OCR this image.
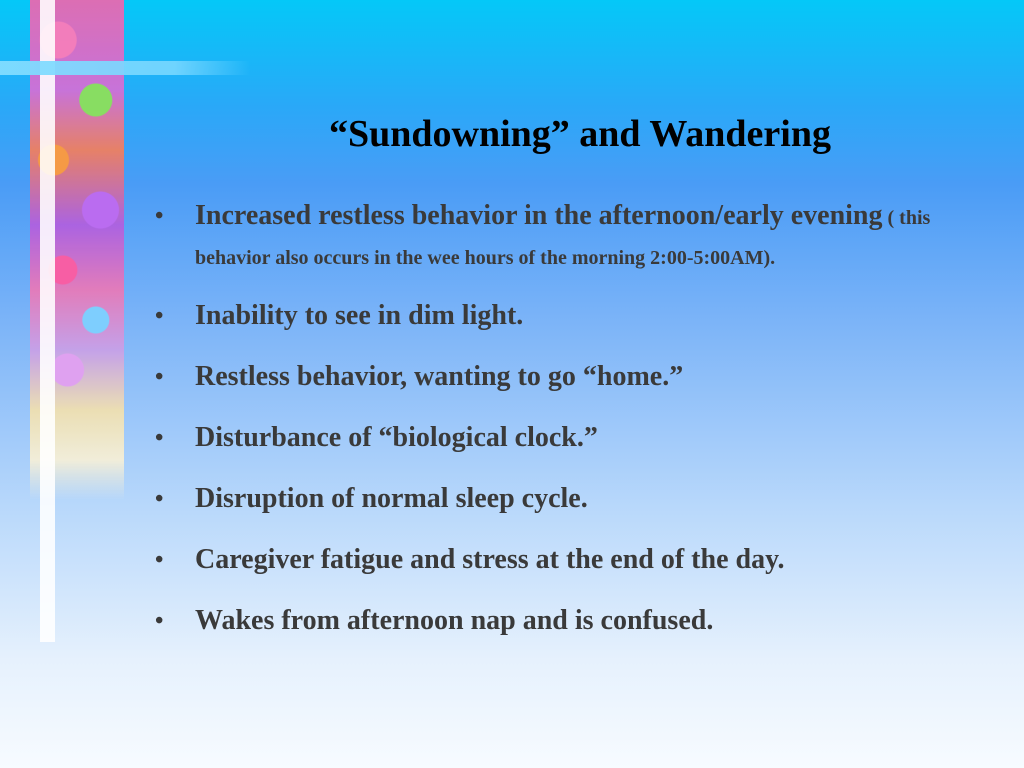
“Sundowning” and Wandering
• Increased restless behavior in the afternoon/early evening ( this behavior also occurs in the wee hours of the morning 2:00-5:00AM).
• Inability to see in dim light.
• Restless behavior, wanting to go “home.”
• Disturbance of “biological clock.”
• Disruption of normal sleep cycle.
• Caregiver fatigue and stress at the end of the day.
• Wakes from afternoon nap and is confused.
